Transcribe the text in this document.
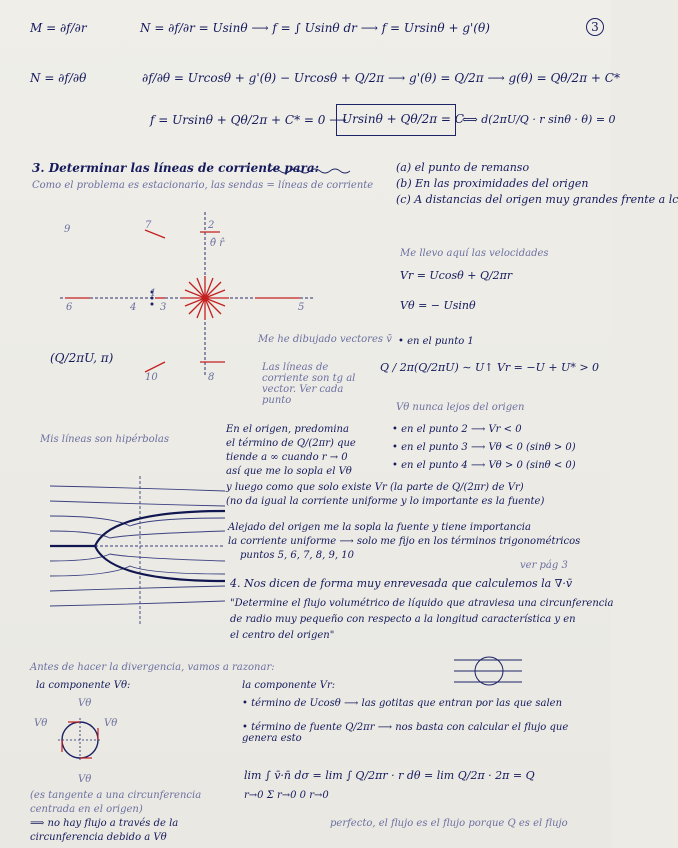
3
M = ∂f/∂r	N = ∂f/∂r = Usinθ ⟶ f = ∫ Usinθ dr ⟶ f = Ursinθ + g'(θ)
N = ∂f/∂θ	∂f/∂θ = Urcosθ + g'(θ) − Urcosθ + Q/2π ⟶ g'(θ) = Q/2π ⟶ g(θ) = Qθ/2π + C*
f = Ursinθ + Qθ/2π + C* = 0 ⟶
Ursinθ + Qθ/2π = C
⟺ d(2πU/Q · r sinθ · θ) = 0
3. Determinar las líneas de corriente para:
Como el problema es estacionario, las sendas = líneas de corriente
(a) el punto de remanso
(b) En las proximidades del origen
(c) A distancias del origen muy grandes frente a lc
Me llevo aquí las velocidades
Vr = Ucosθ + Q/2πr
Vθ = − Usinθ
θ̂ r̂
6
7	2
10	8
5
1
4 3
9
(Q/2πU, π)
Me he dibujado vectores v̄
Las líneas de corriente son tg al vector. Ver cada punto
• en el punto 1
Q / 2π(Q/2πU) ∼ U↑ Vr = −U + U* > 0
Vθ nunca lejos del origen
• en el punto 2 ⟶ Vr < 0
• en el punto 3 ⟶ Vθ < 0 (sinθ > 0)
• en el punto 4 ⟶ Vθ > 0 (sinθ < 0)
En el origen, predomina
el término de Q/(2πr) que
tiende a ∞ cuando r → 0
así que me lo sopla el Vθ
y luego como que solo existe Vr (la parte de Q/(2πr) de Vr)
(no da igual la corriente uniforme y lo importante es la fuente)
Mis líneas son hipérbolas
Alejado del origen me la sopla la fuente y tiene importancia
la corriente uniforme ⟶ solo me fijo en los términos trigonométricos
puntos 5, 6, 7, 8, 9, 10
ver pág 3
4. Nos dicen de forma muy enrevesada que calculemos la ∇·v̄
"Determine el flujo volumétrico de líquido que atraviesa una circunferencia
de radio muy pequeño con respecto a la longitud característica y en
el centro del origen"
Antes de hacer la divergencia, vamos a razonar:
la componente Vθ:	la componente Vr:
• término de Ucosθ ⟶ las gotitas que entran por las que salen
• término de fuente Q/2πr ⟶ nos basta con calcular el flujo que genera esto
Vθ
Vθ
Vθ
Vθ
(es tangente a una circunferencia
centrada en el origen)
⟹ no hay flujo a través de la
circunferencia debido a Vθ
lim ∫ v̄·n̄ dσ = lim ∫ Q/2πr · r dθ = lim Q/2π · 2π = Q
r→0 Σ r→0 0 r→0
perfecto, el flujo es el flujo porque Q es el flujo
